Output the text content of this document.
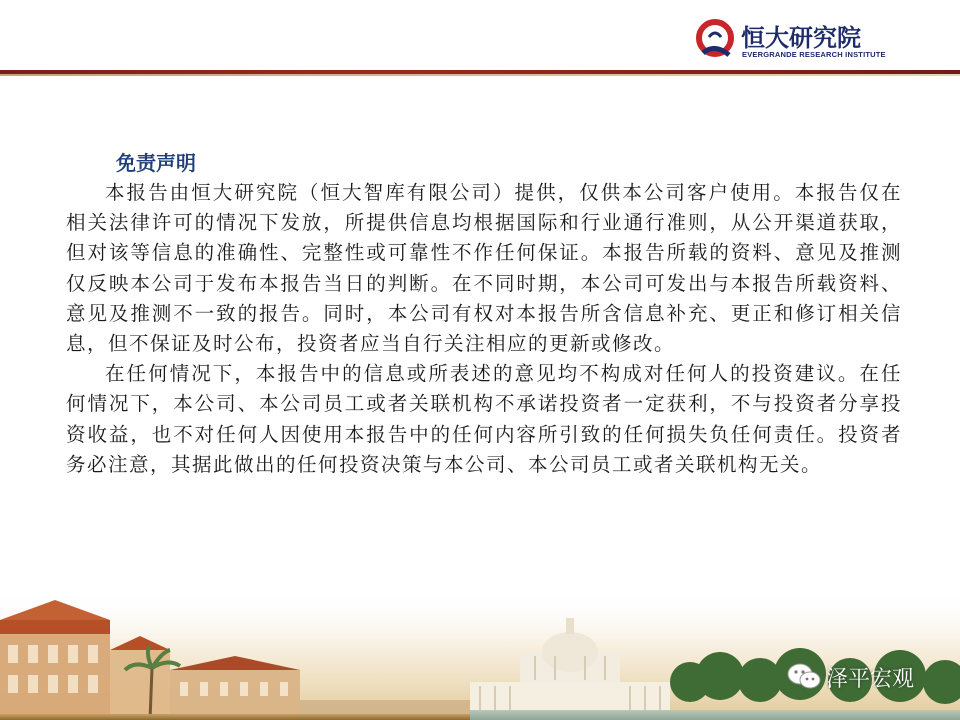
恒大研究院
EVERGRANDE RESEARCH INSTITUTE
免责声明

本报告由恒大研究院（恒大智库有限公司）提供，仅供本公司客户使用。本报告仅在相关法律许可的情况下发放，所提供信息均根据国际和行业通行准则，从公开渠道获取，但对该等信息的准确性、完整性或可靠性不作任何保证。本报告所载的资料、意见及推测仅反映本公司于发布本报告当日的判断。在不同时期，本公司可发出与本报告所载资料、意见及推测不一致的报告。同时，本公司有权对本报告所含信息补充、更正和修订相关信息，但不保证及时公布，投资者应当自行关注相应的更新或修改。

在任何情况下，本报告中的信息或所表述的意见均不构成对任何人的投资建议。在任何情况下，本公司、本公司员工或者关联机构不承诺投资者一定获利，不与投资者分享投资收益，也不对任何人因使用本报告中的任何内容所引致的任何损失负任何责任。投资者务必注意，其据此做出的任何投资决策与本公司、本公司员工或者关联机构无关。

泽平宏观
